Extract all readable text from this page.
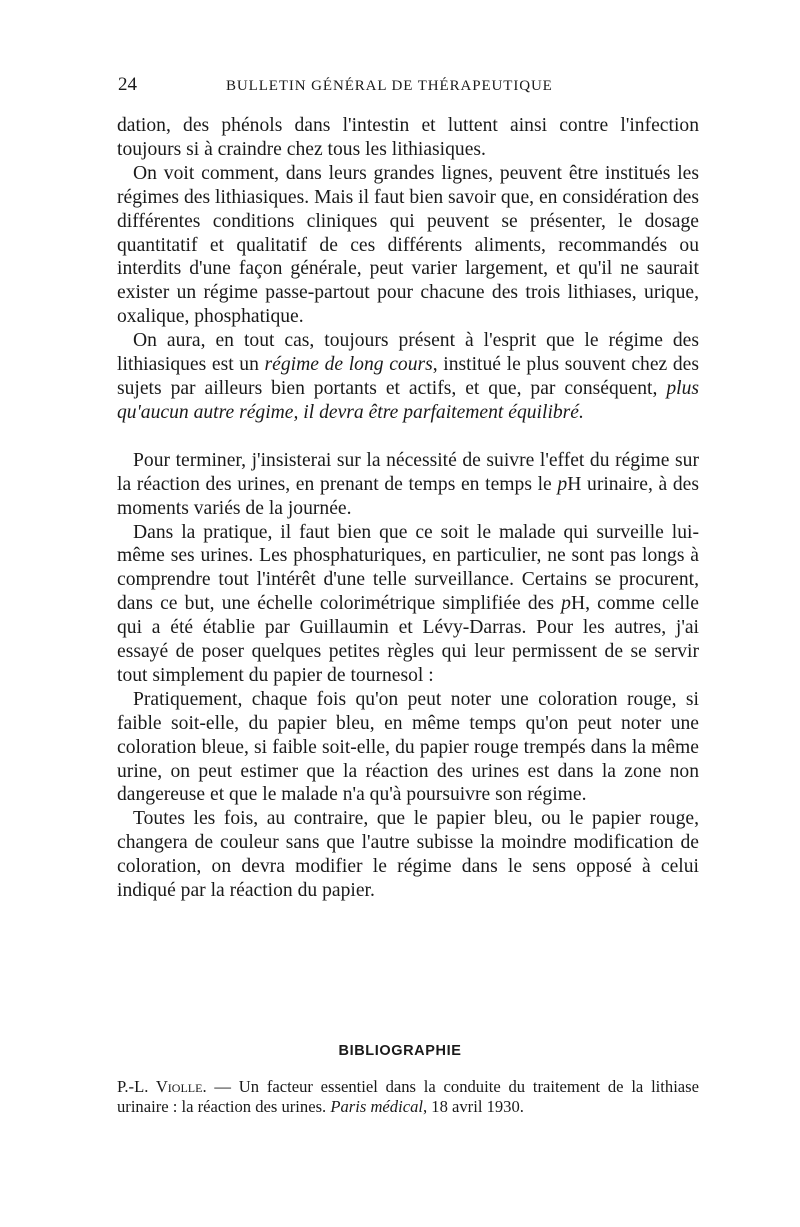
24	BULLETIN GÉNÉRAL DE THÉRAPEUTIQUE

dation, des phénols dans l'intestin et luttent ainsi contre l'infection toujours si à craindre chez tous les lithiasiques.

On voit comment, dans leurs grandes lignes, peuvent être institués les régimes des lithiasiques. Mais il faut bien savoir que, en considération des différentes conditions cliniques qui peuvent se présenter, le dosage quantitatif et qualitatif de ces différents aliments, recommandés ou interdits d'une façon générale, peut varier largement, et qu'il ne saurait exister un régime passe-partout pour chacune des trois lithiases, urique, oxalique, phosphatique.

On aura, en tout cas, toujours présent à l'esprit que le régime des lithiasiques est un régime de long cours, institué le plus souvent chez des sujets par ailleurs bien portants et actifs, et que, par conséquent, plus qu'aucun autre régime, il devra être parfaitement équilibré.

Pour terminer, j'insisterai sur la nécessité de suivre l'effet du régime sur la réaction des urines, en prenant de temps en temps le pH urinaire, à des moments variés de la journée.

Dans la pratique, il faut bien que ce soit le malade qui surveille lui-même ses urines. Les phosphaturiques, en particulier, ne sont pas longs à comprendre tout l'intérêt d'une telle surveillance. Certains se procurent, dans ce but, une échelle colorimétrique simplifiée des pH, comme celle qui a été établie par Guillaumin et Lévy-Darras. Pour les autres, j'ai essayé de poser quelques petites règles qui leur permissent de se servir tout simplement du papier de tournesol :

Pratiquement, chaque fois qu'on peut noter une coloration rouge, si faible soit-elle, du papier bleu, en même temps qu'on peut noter une coloration bleue, si faible soit-elle, du papier rouge trempés dans la même urine, on peut estimer que la réaction des urines est dans la zone non dangereuse et que le malade n'a qu'à poursuivre son régime.

Toutes les fois, au contraire, que le papier bleu, ou le papier rouge, changera de couleur sans que l'autre subisse la moindre modification de coloration, on devra modifier le régime dans le sens opposé à celui indiqué par la réaction du papier.

BIBLIOGRAPHIE
P.-L. Violle. — Un facteur essentiel dans la conduite du traitement de la lithiase urinaire : la réaction des urines. Paris médical, 18 avril 1930.
